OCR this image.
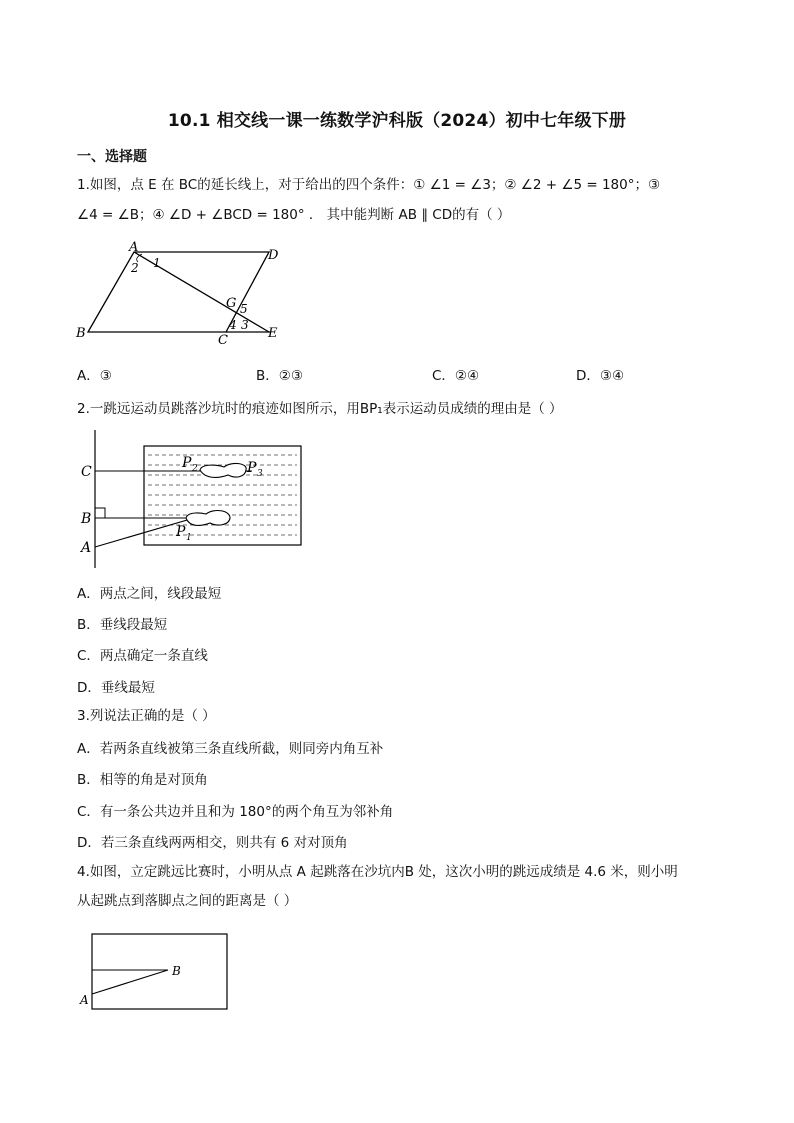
10.1 相交线一课一练数学沪科版（2024）初中七年级下册
一、选择题
1.如图，点 E 在 BC的延长线上，对于给出的四个条件：① ∠1 = ∠3；② ∠2 + ∠5 = 180°；③
∠4 = ∠B；④ ∠D + ∠BCD = 180° ． 其中能判断 AB ∥ CD的有（ ）
A
D
B	C	E
G
1
2
3
4
5
A．③	B．②③	C．②④	D．③④
2.一跳远运动员跳落沙坑时的痕迹如图所示，用BP₁表示运动员成绩的理由是（ ）
C
B
A
P 2	P 3
P 1
A．两点之间，线段最短
B．垂线段最短
C．两点确定一条直线
D．垂线最短
3.列说法正确的是（ ）
A．若两条直线被第三条直线所截，则同旁内角互补
B．相等的角是对顶角
C．有一条公共边并且和为 180°的两个角互为邻补角
D．若三条直线两两相交，则共有 6 对对顶角
4.如图，立定跳远比赛时，小明从点 A 起跳落在沙坑内B 处，这次小明的跳远成绩是 4.6 米，则小明
从起跳点到落脚点之间的距离是（ ）
B
A
